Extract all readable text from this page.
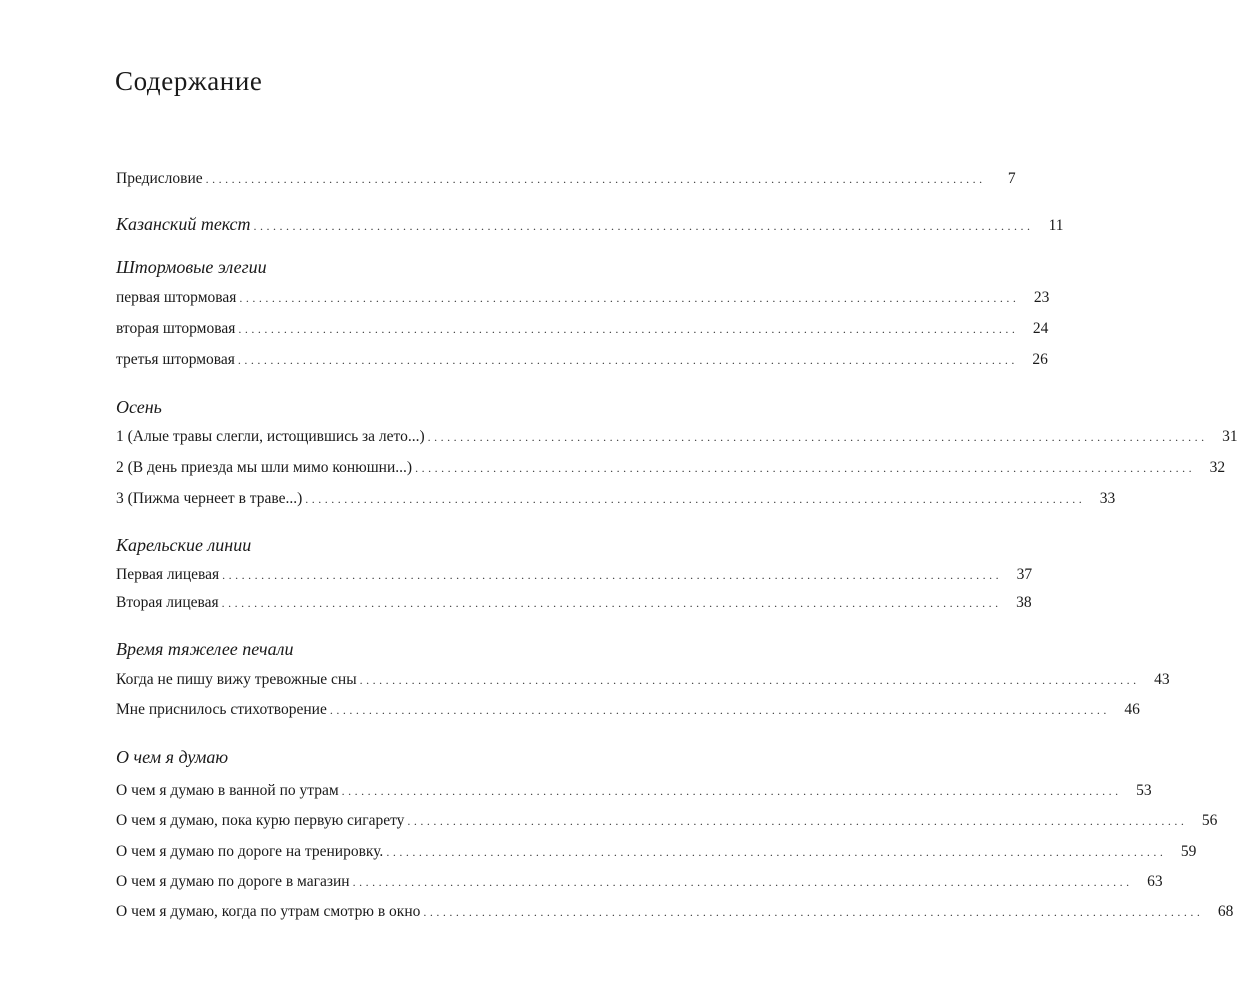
Содержание
Предисловие ........................................................................................................................	7
Казанский текст ........................................................................................................................ 11
Штормовые элегии
первая штормовая ........................................................................................................................ 23
вторая штормовая ........................................................................................................................ 24
третья штормовая ........................................................................................................................ 26
Осень
1 (Алые травы слегли, истощившись за лето...) ........................................................................................................................ 31
2 (В день приезда мы шли мимо конюшни...) ........................................................................................................................ 32
3 (Пижма чернеет в траве...) ........................................................................................................................ 33
Карельские линии
Первая лицевая ........................................................................................................................ 37
Вторая лицевая ........................................................................................................................ 38
Время тяжелее печали
Когда не пишу вижу тревожные сны ........................................................................................................................ 43
Мне приснилось стихотворение ........................................................................................................................ 46
О чем я думаю
О чем я думаю в ванной по утрам ........................................................................................................................ 53
О чем я думаю, пока курю первую сигарету ........................................................................................................................ 56
О чем я думаю по дороге на тренировку. ........................................................................................................................ 59
О чем я думаю по дороге в магазин ........................................................................................................................ 63
О чем я думаю, когда по утрам смотрю в окно ........................................................................................................................ 68
